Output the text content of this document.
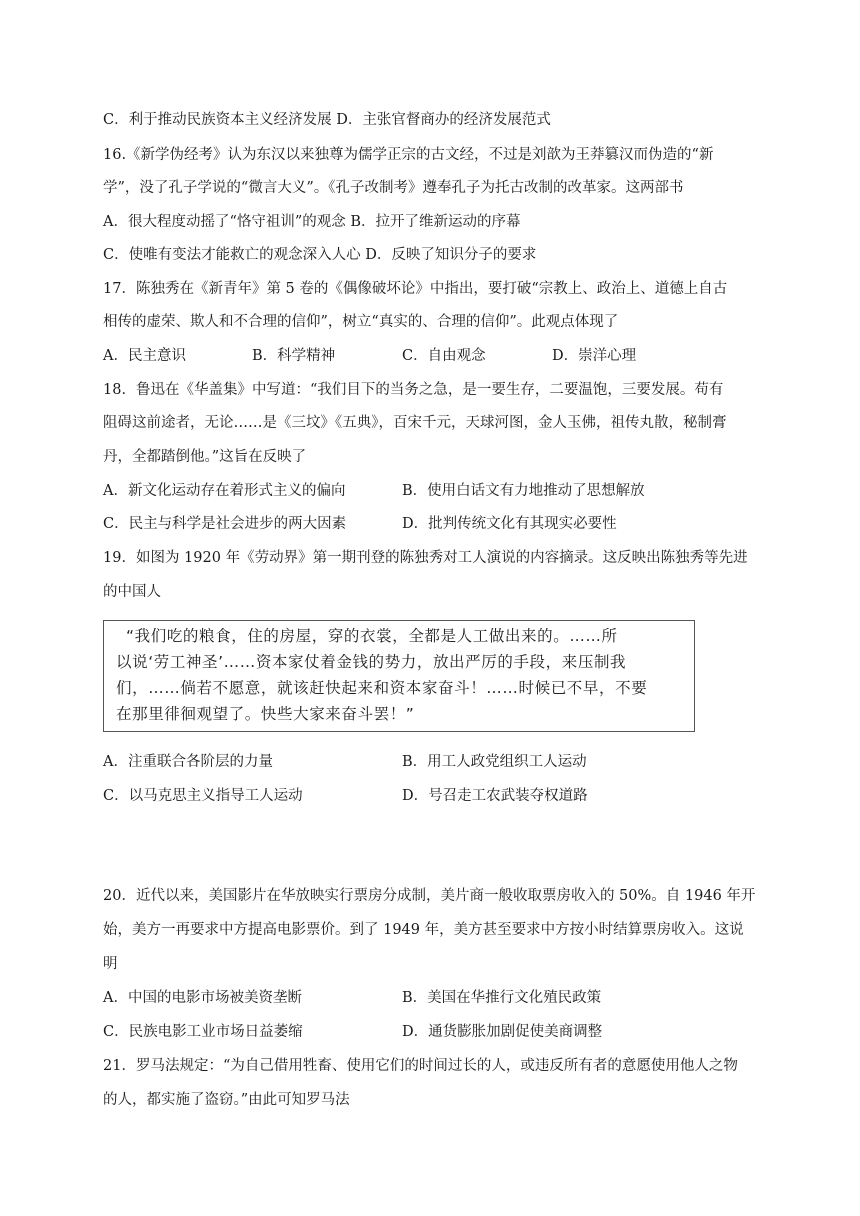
C．利于推动民族资本主义经济发展 D．主张官督商办的经济发展范式
16.《新学伪经考》认为东汉以来独尊为儒学正宗的古文经，不过是刘歆为王莽篡汉而伪造的“新
学”，没了孔子学说的“微言大义”。《孔子改制考》遵奉孔子为托古改制的改革家。这两部书
A．很大程度动摇了“恪守祖训”的观念 B．拉开了维新运动的序幕
C．使唯有变法才能救亡的观念深入人心 D．反映了知识分子的要求
17．陈独秀在《新青年》第 5 卷的《偶像破坏论》中指出，要打破“宗教上、政治上、道德上自古
相传的虚荣、欺人和不合理的信仰”，树立“真实的、合理的信仰”。此观点体现了
A．民主意识	B．科学精神	C．自由观念	D．崇洋心理
18．鲁迅在《华盖集》中写道：“我们目下的当务之急，是一要生存，二要温饱，三要发展。苟有
阻碍这前途者，无论……是《三坟》《五典》，百宋千元，天球河图，金人玉佛，祖传丸散，秘制膏
丹，全都踏倒他。”这旨在反映了
A．新文化运动存在着形式主义的偏向	B．使用白话文有力地推动了思想解放
C．民主与科学是社会进步的两大因素	D．批判传统文化有其现实必要性
19．如图为 1920 年《劳动界》第一期刊登的陈独秀对工人演说的内容摘录。这反映出陈独秀等先进
的中国人
“我们吃的粮食，住的房屋，穿的衣裳，全都是人工做出来的。……所
以说‘劳工神圣’……资本家仗着金钱的势力，放出严厉的手段，来压制我
们，……倘若不愿意，就该赶快起来和资本家奋斗！……时候已不早，不要
在那里徘徊观望了。快些大家来奋斗罢！”
A．注重联合各阶层的力量	B．用工人政党组织工人运动
C．以马克思主义指导工人运动	D．号召走工农武装夺权道路
20．近代以来，美国影片在华放映实行票房分成制，美片商一般收取票房收入的 50%。自 1946 年开
始，美方一再要求中方提高电影票价。到了 1949 年，美方甚至要求中方按小时结算票房收入。这说
明
A．中国的电影市场被美资垄断	B．美国在华推行文化殖民政策
C．民族电影工业市场日益萎缩	D．通货膨胀加剧促使美商调整
21．罗马法规定：“为自己借用牲畜、使用它们的时间过长的人，或违反所有者的意愿使用他人之物
的人，都实施了盗窃。”由此可知罗马法
